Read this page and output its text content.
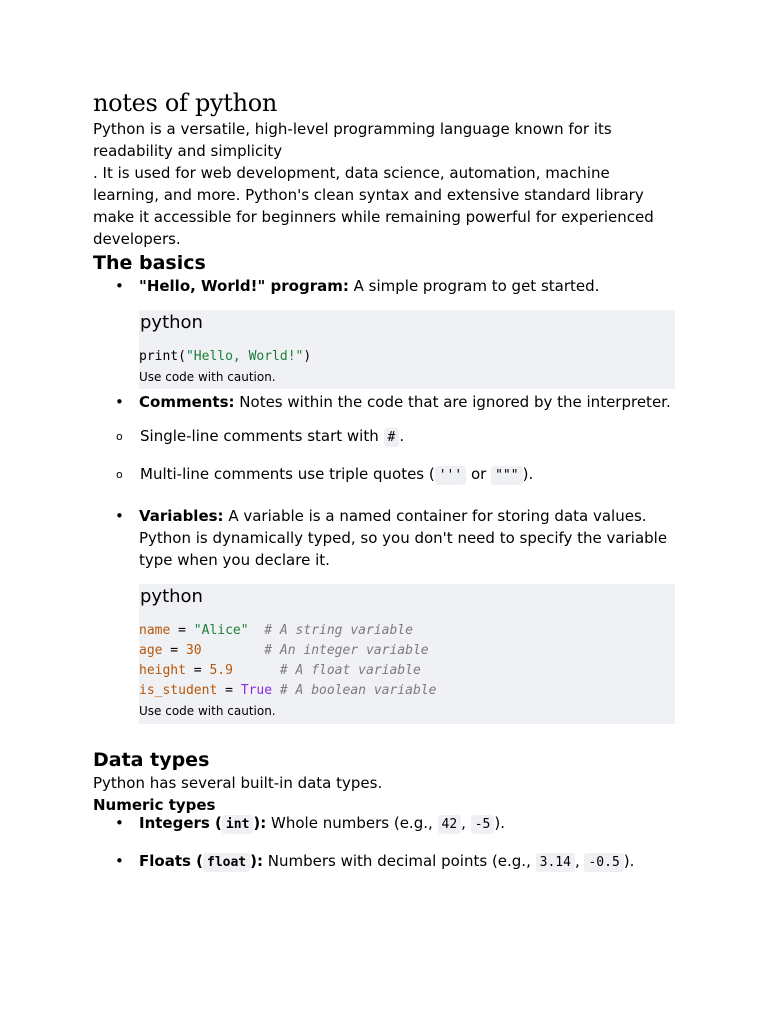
notes of python

Python is a versatile, high-level programming language known for its readability and simplicity
. It is used for web development, data science, automation, machine learning, and more. Python's clean syntax and extensive standard library make it accessible for beginners while remaining powerful for experienced developers.

The basics
• "Hello, World!" program: A simple program to get started.
python
print("Hello, World!")
Use code with caution.
• Comments: Notes within the code that are ignored by the interpreter.
o Single-line comments start with # .
o Multi-line comments use triple quotes ( ''' or """ ).
• Variables: A variable is a named container for storing data values. Python is dynamically typed, so you don't need to specify the variable type when you declare it.
python
name = "Alice"  # A string variable
age = 30        # An integer variable
height = 5.9      # A float variable
is_student = True # A boolean variable
Use code with caution.
Data types

Python has several built-in data types.

Numeric types
• Integers ( int ): Whole numbers (e.g., 42 , -5 ).
• Floats ( float ): Numbers with decimal points (e.g., 3.14 , -0.5 ).
